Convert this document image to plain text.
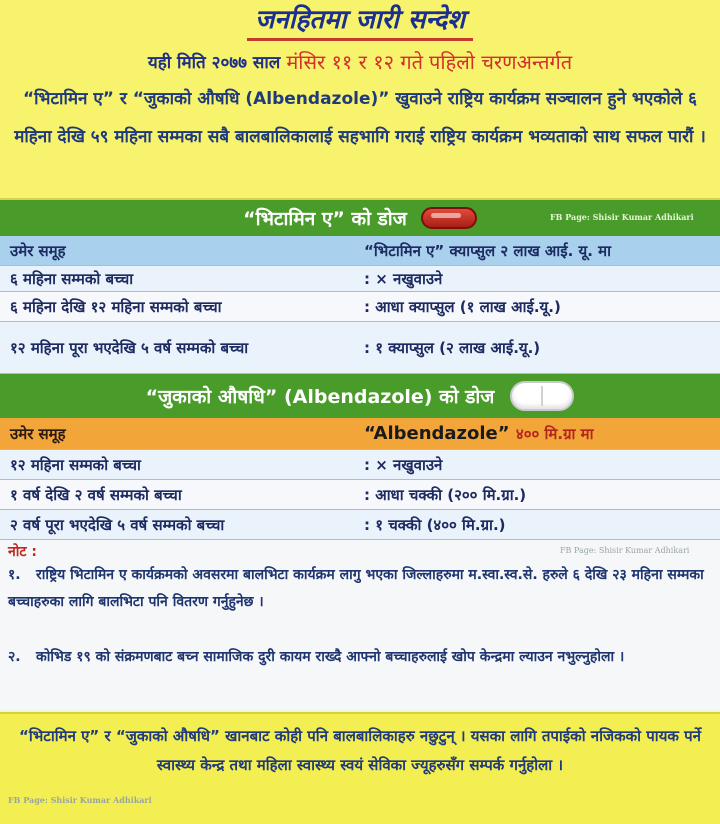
जनहितमा जारी सन्देश
यही मिति २०७७ साल मंसिर ११ र १२ गते पहिलो चरणअन्तर्गत
“भिटामिन ए” र “जुकाको औषधि (Albendazole)” खुवाउने राष्ट्रिय कार्यक्रम सञ्चालन हुने भएकोले ६ महिना देखि ५९ महिना सम्मका सबै बालबालिकालाई सहभागि गराई राष्ट्रिय कार्यक्रम भव्यताको साथ सफल पारौं ।
“भिटामिन ए” को डोज	FB Page: Shisir Kumar Adhikari
उमेर समूह	“भिटामिन ए” क्याप्सुल २ लाख आई. यू. मा
६ महिना सम्मको बच्चा	: × नखुवाउने
६ महिना देखि १२ महिना सम्मको बच्चा	: आधा क्याप्सुल (१ लाख आई.यू.)
१२ महिना पूरा भएदेखि ५ वर्ष सम्मको बच्चा	: १ क्याप्सुल (२ लाख आई.यू.)
“जुकाको औषधि” (Albendazole) को डोज
उमेर समूह	“Albendazole” ४०० मि.ग्रा मा
१२ महिना सम्मको बच्चा	: × नखुवाउने
१ वर्ष देखि २ वर्ष सम्मको बच्चा	: आधा चक्की (२०० मि.ग्रा.)
२ वर्ष पूरा भएदेखि ५ वर्ष सम्मको बच्चा	: १ चक्की (४०० मि.ग्रा.)
नोट :	FB Page: Shisir Kumar Adhikari
१. राष्ट्रिय भिटामिन ए कार्यक्रमको अवसरमा बालभिटा कार्यक्रम लागु भएका जिल्लाहरुमा म.स्वा.स्व.से. हरुले ६ देखि २३ महिना सम्मका बच्चाहरुका लागि बालभिटा पनि वितरण गर्नुहुनेछ ।
२. कोभिड १९ को संक्रमणबाट बच्न सामाजिक दुरी कायम राख्दै आफ्नो बच्चाहरुलाई खोप केन्द्रमा ल्याउन नभुल्नुहोला ।
“भिटामिन ए” र “जुकाको औषधि” खानबाट कोही पनि बालबालिकाहरु नछुटुन् । यसका लागि तपाईको नजिकको पायक पर्ने स्वास्थ्य केन्द्र तथा महिला स्वास्थ्य स्वयं सेविका ज्यूहरुसँग सम्पर्क गर्नुहोला ।
FB Page: Shisir Kumar Adhikari
